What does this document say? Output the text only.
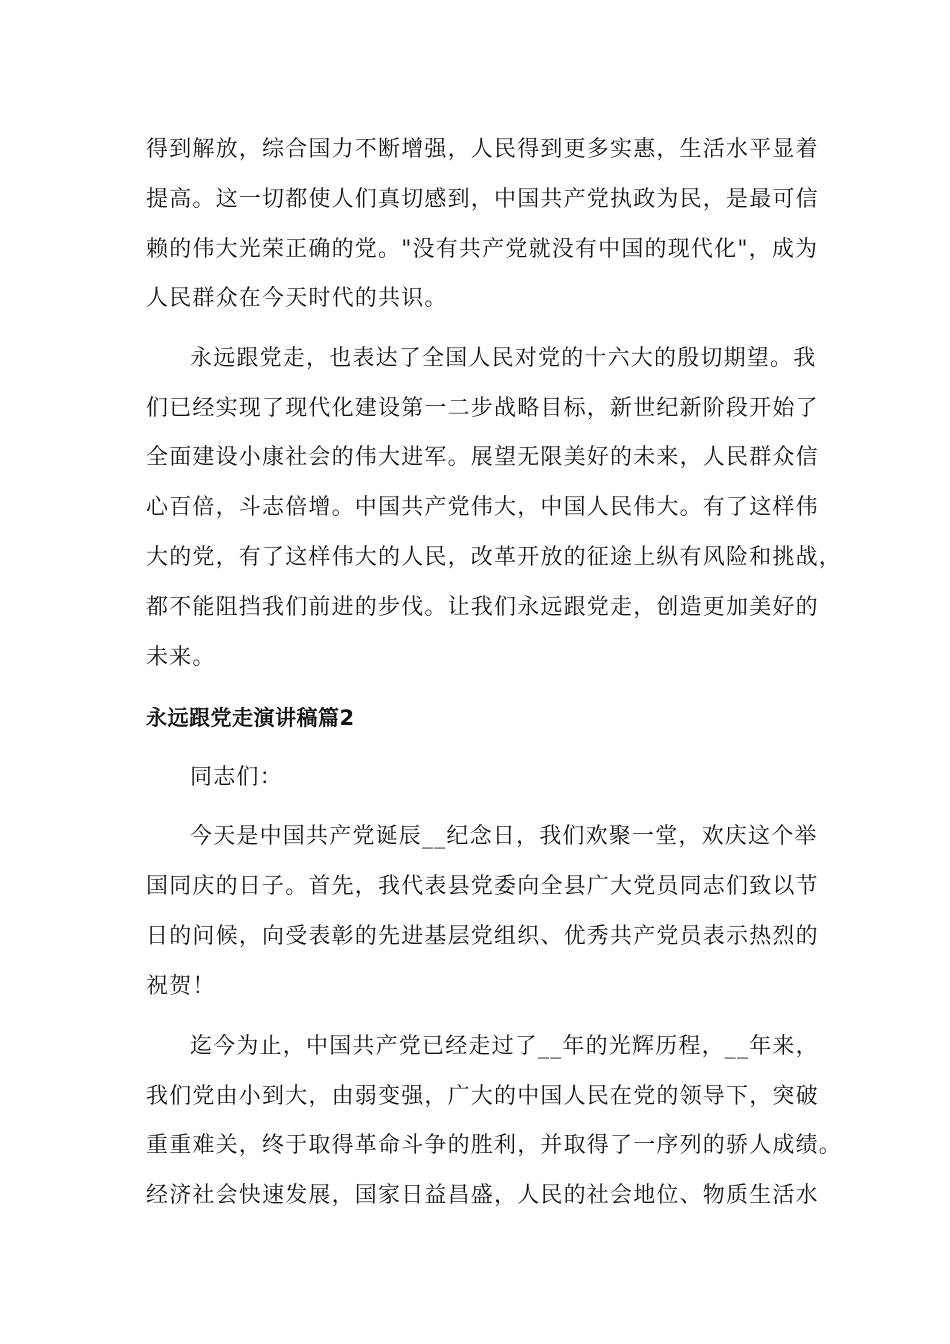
得到解放，综合国力不断增强，人民得到更多实惠，生活水平显着
提高。这一切都使人们真切感到，中国共产党执政为民，是最可信
赖的伟大光荣正确的党。"没有共产党就没有中国的现代化"，成为
人民群众在今天时代的共识。
永远跟党走，也表达了全国人民对党的十六大的殷切期望。我
们已经实现了现代化建设第一二步战略目标，新世纪新阶段开始了
全面建设小康社会的伟大进军。展望无限美好的未来，人民群众信
心百倍，斗志倍增。中国共产党伟大，中国人民伟大。有了这样伟
大的党，有了这样伟大的人民，改革开放的征途上纵有风险和挑战，
都不能阻挡我们前进的步伐。让我们永远跟党走，创造更加美好的
未来。
永远跟党走演讲稿篇2
同志们：
今天是中国共产党诞辰__纪念日，我们欢聚一堂，欢庆这个举
国同庆的日子。首先，我代表县党委向全县广大党员同志们致以节
日的问候，向受表彰的先进基层党组织、优秀共产党员表示热烈的
祝贺！
迄今为止，中国共产党已经走过了__年的光辉历程，__年来，
我们党由小到大，由弱变强，广大的中国人民在党的领导下，突破
重重难关，终于取得革命斗争的胜利，并取得了一序列的骄人成绩。
经济社会快速发展，国家日益昌盛，人民的社会地位、物质生活水
